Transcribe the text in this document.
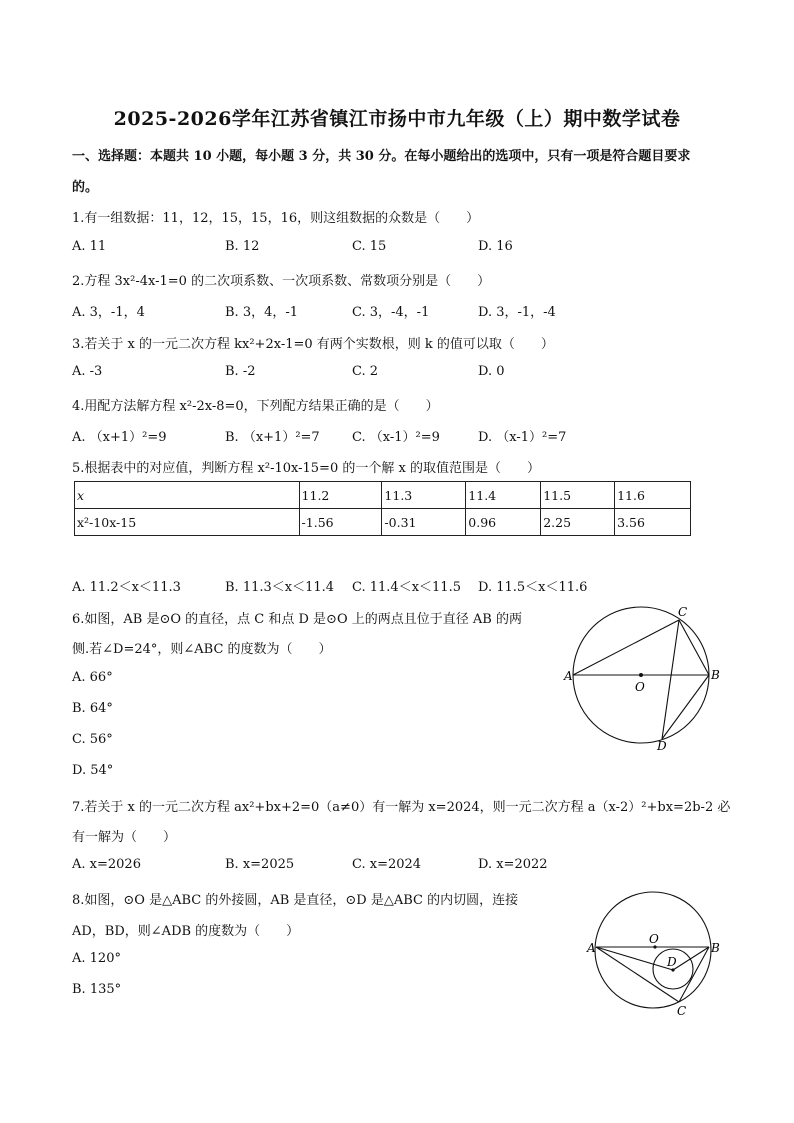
2025-2026学年江苏省镇江市扬中市九年级（上）期中数学试卷
一、选择题：本题共 10 小题，每小题 3 分，共 30 分。在每小题给出的选项中，只有一项是符合题目要求
的。
1.有一组数据：11，12，15，15，16，则这组数据的众数是（　　）
A. 11	B. 12	C. 15	D. 16
2.方程 3x²-4x-1=0 的二次项系数、一次项系数、常数项分别是（　　）
A. 3，-1，4	B. 3，4，-1	C. 3，-4，-1	D. 3，-1，-4
3.若关于 x 的一元二次方程 kx²+2x-1=0 有两个实数根，则 k 的值可以取（　　）
A. -3	B. -2	C. 2	D. 0
4.用配方法解方程 x²-2x-8=0，下列配方结果正确的是（　　）
A. （x+1）²=9	B. （x+1）²=7 C. （x-1）²=9	D. （x-1）²=7
5.根据表中的对应值，判断方程 x²-10x-15=0 的一个解 x 的取值范围是（　　）
x	11.2	11.3	11.4	11.5	11.6
x²-10x-15	-1.56	-0.31	0.96	2.25	3.56
A. 11.2＜x＜11.3	B. 11.3＜x＜11.4 C. 11.4＜x＜11.5 D. 11.5＜x＜11.6
6.如图，AB 是⊙O 的直径，点 C 和点 D 是⊙O 上的两点且位于直径 AB 的两
侧.若∠D=24°，则∠ABC 的度数为（　　）
A. 66°
B. 64°
C. 56°
D. 54°
A	B
C
D
O
7.若关于 x 的一元二次方程 ax²+bx+2=0（a≠0）有一解为 x=2024，则一元二次方程 a（x-2）²+bx=2b-2 必
有一解为（　　）
A. x=2026	B. x=2025	C. x=2024	D. x=2022
8.如图，⊙O 是△ABC 的外接圆，AB 是直径，⊙D 是△ABC 的内切圆，连接
AD，BD，则∠ADB 的度数为（　　）
A. 120°
B. 135°
A	B
C
D
O
